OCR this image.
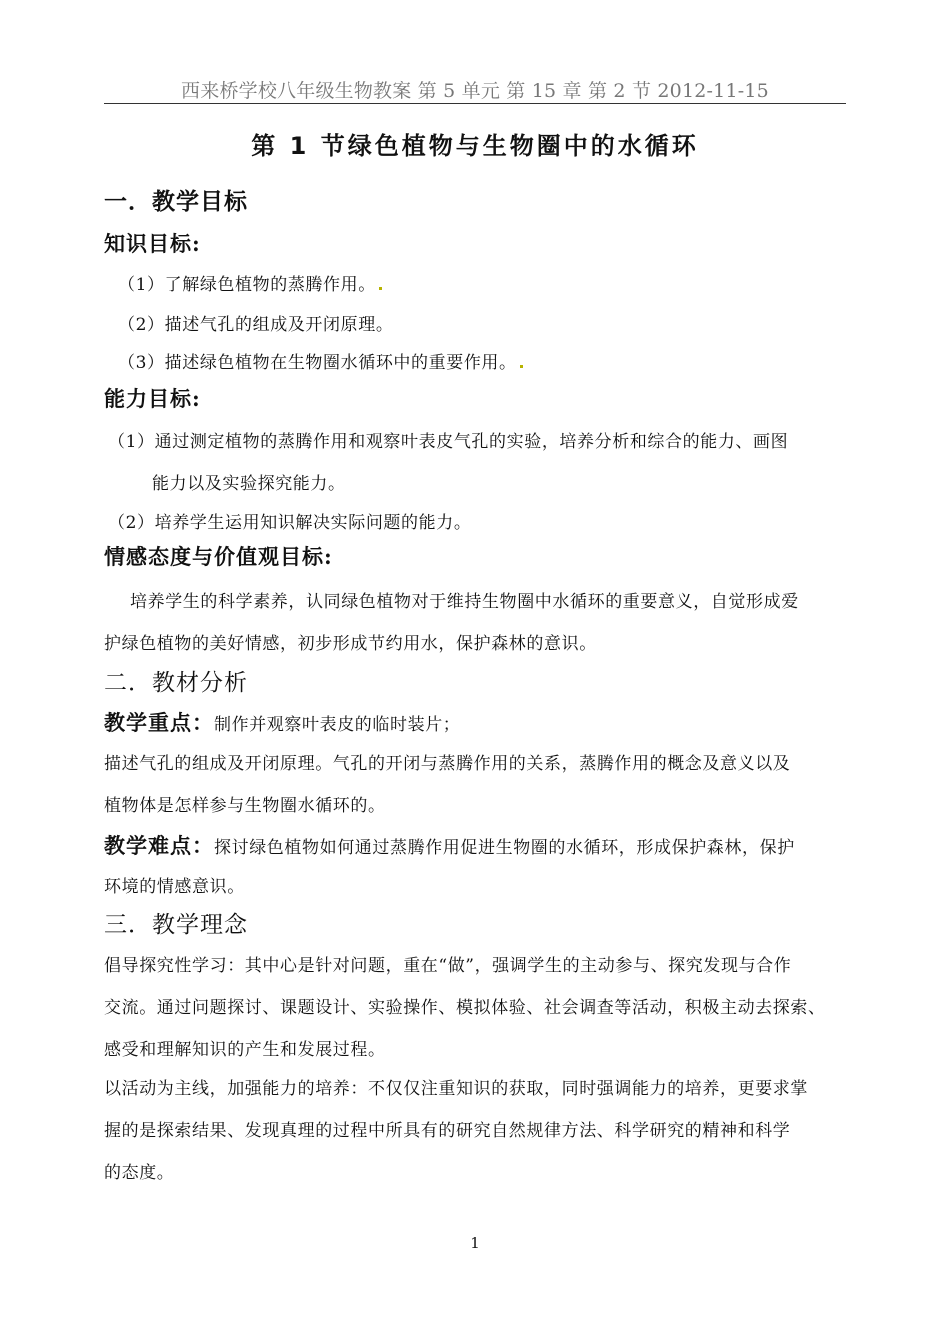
西来桥学校八年级生物教案 第 5 单元 第 15 章 第 2 节 2012-11-15
第 1 节绿色植物与生物圈中的水循环
一．教学目标
知识目标:
（1）了解绿色植物的蒸腾作用。
（2）描述气孔的组成及开闭原理。
（3）描述绿色植物在生物圈水循环中的重要作用。
能力目标:
（1）通过测定植物的蒸腾作用和观察叶表皮气孔的实验，培养分析和综合的能力、画图
能力以及实验探究能力。
（2）培养学生运用知识解决实际问题的能力。
情感态度与价值观目标:
培养学生的科学素养，认同绿色植物对于维持生物圈中水循环的重要意义，自觉形成爱
护绿色植物的美好情感，初步形成节约用水，保护森林的意识。
二．教材分析
教学重点：制作并观察叶表皮的临时装片；
描述气孔的组成及开闭原理。气孔的开闭与蒸腾作用的关系，蒸腾作用的概念及意义以及
植物体是怎样参与生物圈水循环的。
教学难点：探讨绿色植物如何通过蒸腾作用促进生物圈的水循环，形成保护森林，保护
环境的情感意识。
三．教学理念
倡导探究性学习：其中心是针对问题，重在“做”，强调学生的主动参与、探究发现与合作
交流。通过问题探讨、课题设计、实验操作、模拟体验、社会调查等活动，积极主动去探索、
感受和理解知识的产生和发展过程。
以活动为主线，加强能力的培养：不仅仅注重知识的获取，同时强调能力的培养，更要求掌
握的是探索结果、发现真理的过程中所具有的研究自然规律方法、科学研究的精神和科学
的态度。
1
